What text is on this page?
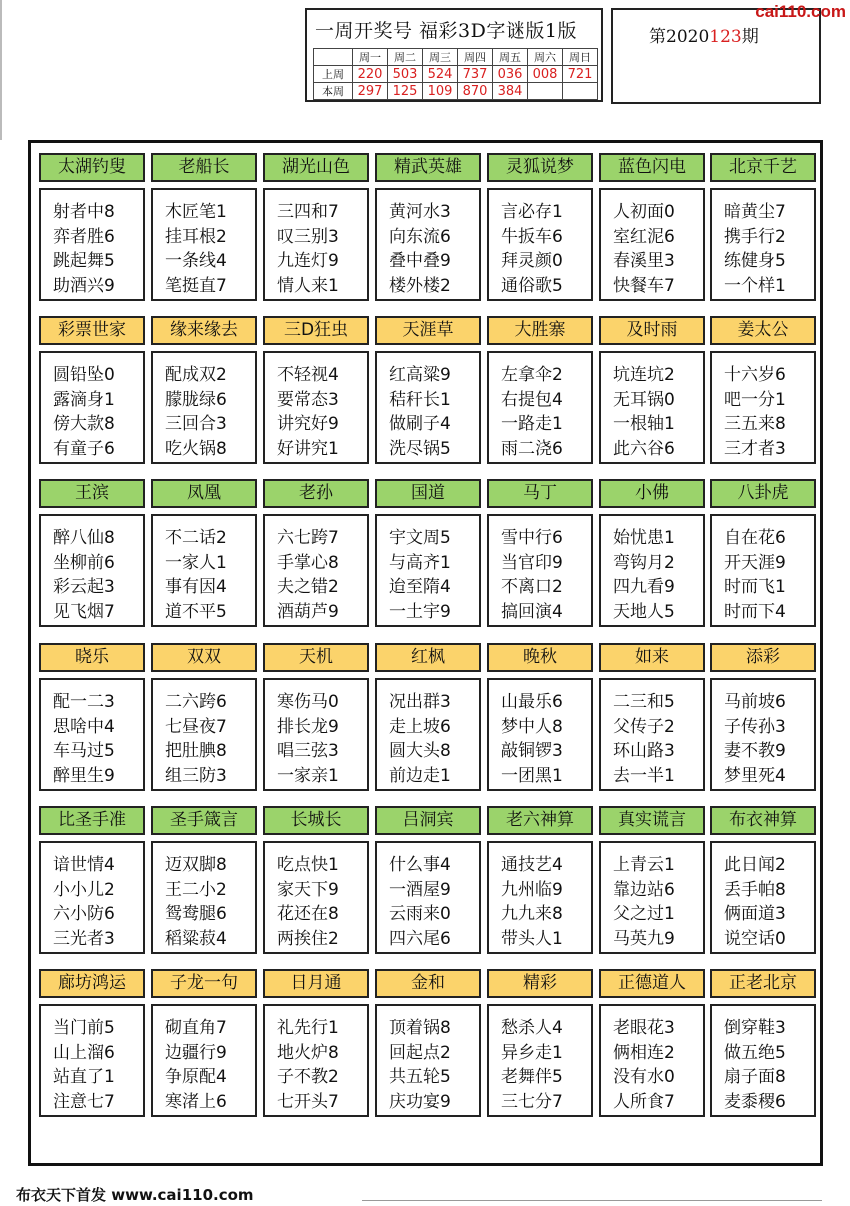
一周开奖号 福彩3D字谜版1版
	周一	周二	周三	周四	周五	周六	周日
上周	220	503	524	737	036	008	721
本周	297	125	109	870	384		
第2020123期
cai110.com
太湖钓叟
射者中8
弈者胜6
跳起舞5
助酒兴9
老船长
木匠笔1
挂耳根2
一条线4
笔挺直7
湖光山色
三四和7
叹三别3
九连灯9
情人来1
精武英雄
黄河水3
向东流6
叠中叠9
楼外楼2
灵狐说梦
言必存1
牛扳车6
拜灵颜0
通俗歌5
蓝色闪电
人初面0
室红泥6
春溪里3
快餐车7
北京千艺
暗黄尘7
携手行2
练健身5
一个样1
彩票世家
圆铅坠0
露滴身1
傍大款8
有童子6
缘来缘去
配成双2
朦胧绿6
三回合3
吃火锅8
三D狂虫
不轻视4
要常态3
讲究好9
好讲究1
天涯草
红高粱9
秸秆长1
做刷子4
洗尽锅5
大胜寨
左拿伞2
右提包4
一路走1
雨二浇6
及时雨
坑连坑2
无耳锅0
一根轴1
此六谷6
姜太公
十六岁6
吧一分1
三五来8
三才者3
王滨
醉八仙8
坐柳前6
彩云起3
见飞烟7
凤凰
不二话2
一家人1
事有因4
道不平5
老孙
六七跨7
手掌心8
夫之错2
酒葫芦9
国道
宇文周5
与高齐1
迨至隋4
一土宇9
马丁
雪中行6
当官印9
不离口2
搞回演4
小佛
始忧患1
弯钩月2
四九看9
天地人5
八卦虎
自在花6
开天涯9
时而飞1
时而下4
晓乐
配一二3
思啥中4
车马过5
醉里生9
双双
二六跨6
七昼夜7
把肚腆8
组三防3
天机
寒伤马0
排长龙9
唱三弦3
一家亲1
红枫
况出群3
走上坡6
圆大头8
前边走1
晚秋
山最乐6
梦中人8
敲铜锣3
一团黑1
如来
二三和5
父传子2
环山路3
去一半1
添彩
马前坡6
子传孙3
妻不教9
梦里死4
比圣手准
谙世情4
小小儿2
六小防6
三光者3
圣手箴言
迈双脚8
王二小2
鸳鸯腿6
稻粱菽4
长城长
吃点快1
家天下9
花还在8
两挨住2
吕洞宾
什么事4
一酒屋9
云雨来0
四六尾6
老六神算
通技艺4
九州临9
九九来8
带头人1
真实谎言
上青云1
靠边站6
父之过1
马英九9
布衣神算
此日闻2
丢手帕8
俩面道3
说空话0
廊坊鸿运
当门前5
山上溜6
站直了1
注意七7
子龙一句
砌直角7
边疆行9
争原配4
寒渚上6
日月通
礼先行1
地火炉8
子不教2
七开头7
金和
顶着锅8
回起点2
共五轮5
庆功宴9
精彩
愁杀人4
异乡走1
老舞伴5
三七分7
正德道人
老眼花3
俩相连2
没有水0
人所食7
正老北京
倒穿鞋3
做五绝5
扇子面8
麦黍稷6
布衣天下首发 www.cai110.com
